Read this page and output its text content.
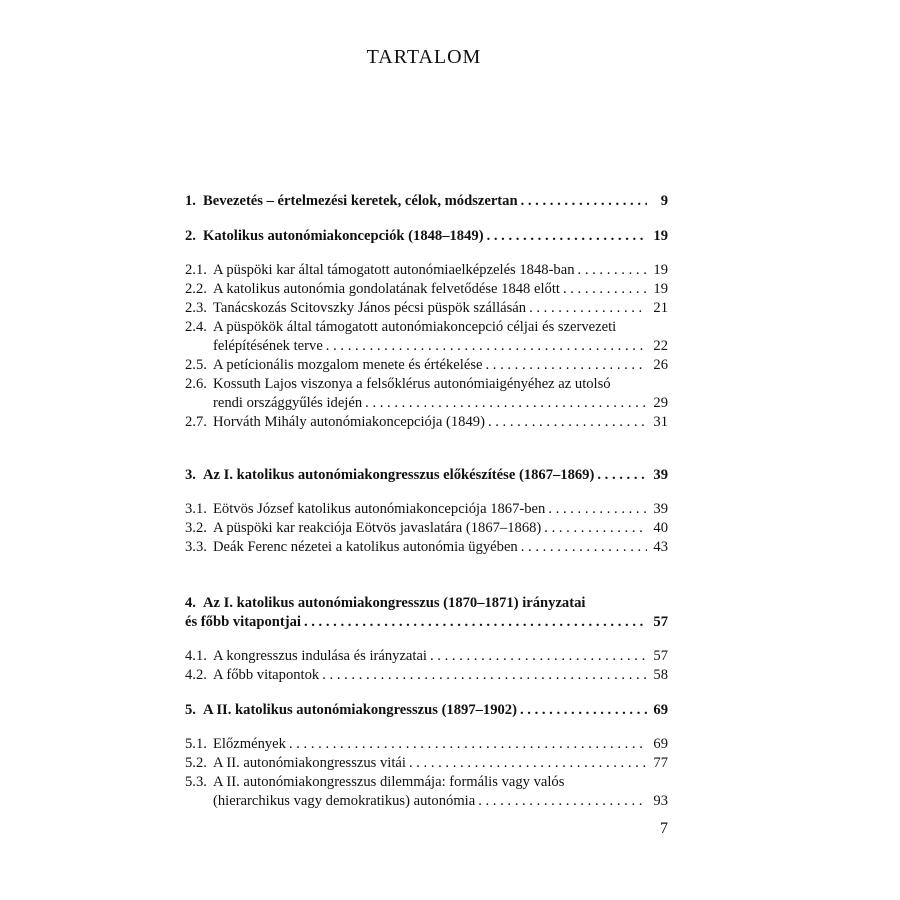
TARTALOM
1. Bevezetés – értelmezési keretek, célok, módszertan . . .	9
2. Katolikus autonómiakoncepciók (1848–1849) . . .	19
2.1. A püspöki kar által támogatott autonómiaelképzelés 1848-ban . . .	19
2.2. A katolikus autonómia gondolatának felvetődése 1848 előtt . . .	19
2.3. Tanácskozás Scitovszky János pécsi püspök szállásán . . .	21
2.4. A püspökök által támogatott autonómiakoncepció céljai és szervezeti
felépítésének terve . . .	22
2.5. A petícionális mozgalom menete és értékelése . . .	26
2.6. Kossuth Lajos viszonya a felsőklérus autonómiaigényéhez az utolsó
rendi országgyűlés idején . . .	29
2.7. Horváth Mihály autonómiakoncepciója (1849) . . .	31
3. Az I. katolikus autonómiakongresszus előkészítése (1867–1869) . . .	39
3.1. Eötvös József katolikus autonómiakoncepciója 1867-ben . . .	39
3.2. A püspöki kar reakciója Eötvös javaslatára (1867–1868) . . .	40
3.3. Deák Ferenc nézetei a katolikus autonómia ügyében . . .	43
4. Az I. katolikus autonómiakongresszus (1870–1871) irányzatai
és főbb vitapontjai . . .	57
4.1. A kongresszus indulása és irányzatai . . .	57
4.2. A főbb vitapontok . . .	58
5. A II. katolikus autonómiakongresszus (1897–1902) . . .	69
5.1. Előzmények . . .	69
5.2. A II. autonómiakongresszus vitái . . .	77
5.3. A II. autonómiakongresszus dilemmája: formális vagy valós
(hierarchikus vagy demokratikus) autonómia . . .	93
7
